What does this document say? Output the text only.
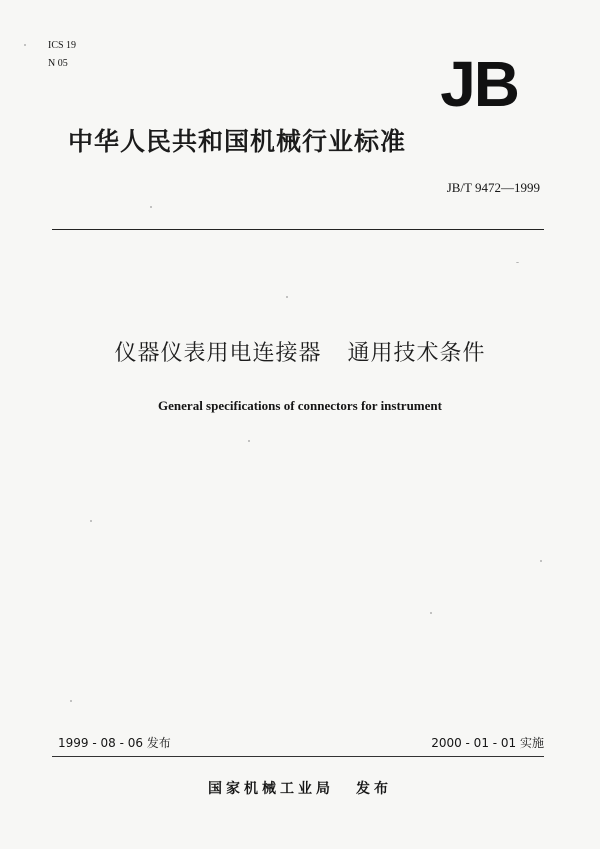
ICS 19
N 05	JB
中华人民共和国机械行业标准
JB/T 9472—1999
仪器仪表用电连接器 通用技术条件
General specifications of connectors for instrument
1999 - 08 - 06 发布	2000 - 01 - 01 实施
国家机械工业局 发布
